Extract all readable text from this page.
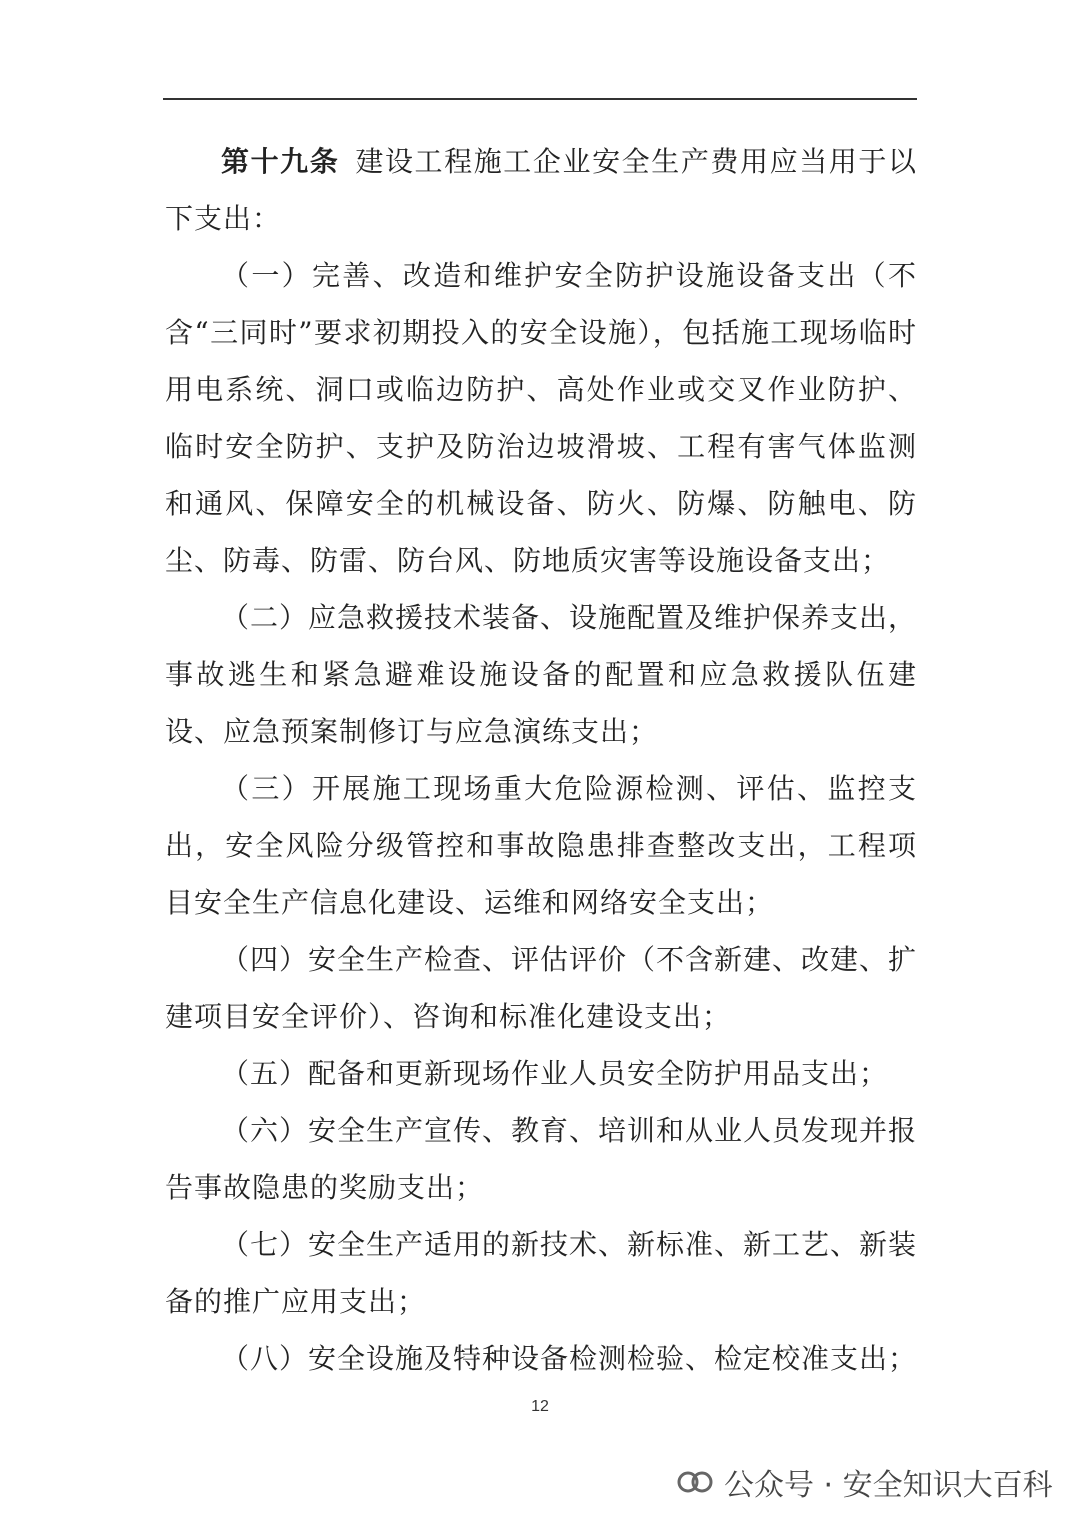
第十九条 建设工程施工企业安全生产费用应当用于以下支出：

（一）完善、改造和维护安全防护设施设备支出（不含“三同时”要求初期投入的安全设施），包括施工现场临时用电系统、洞口或临边防护、高处作业或交叉作业防护、临时安全防护、支护及防治边坡滑坡、工程有害气体监测和通风、保障安全的机械设备、防火、防爆、防触电、防尘、防毒、防雷、防台风、防地质灾害等设施设备支出；

（二）应急救援技术装备、设施配置及维护保养支出，事故逃生和紧急避难设施设备的配置和应急救援队伍建设、应急预案制修订与应急演练支出；

（三）开展施工现场重大危险源检测、评估、监控支出，安全风险分级管控和事故隐患排查整改支出，工程项目安全生产信息化建设、运维和网络安全支出；

（四）安全生产检查、评估评价（不含新建、改建、扩建项目安全评价）、咨询和标准化建设支出；

（五）配备和更新现场作业人员安全防护用品支出；

（六）安全生产宣传、教育、培训和从业人员发现并报告事故隐患的奖励支出；

（七）安全生产适用的新技术、新标准、新工艺、新装备的推广应用支出；

（八）安全设施及特种设备检测检验、检定校准支出；

12
公众号 · 安全知识大百科
